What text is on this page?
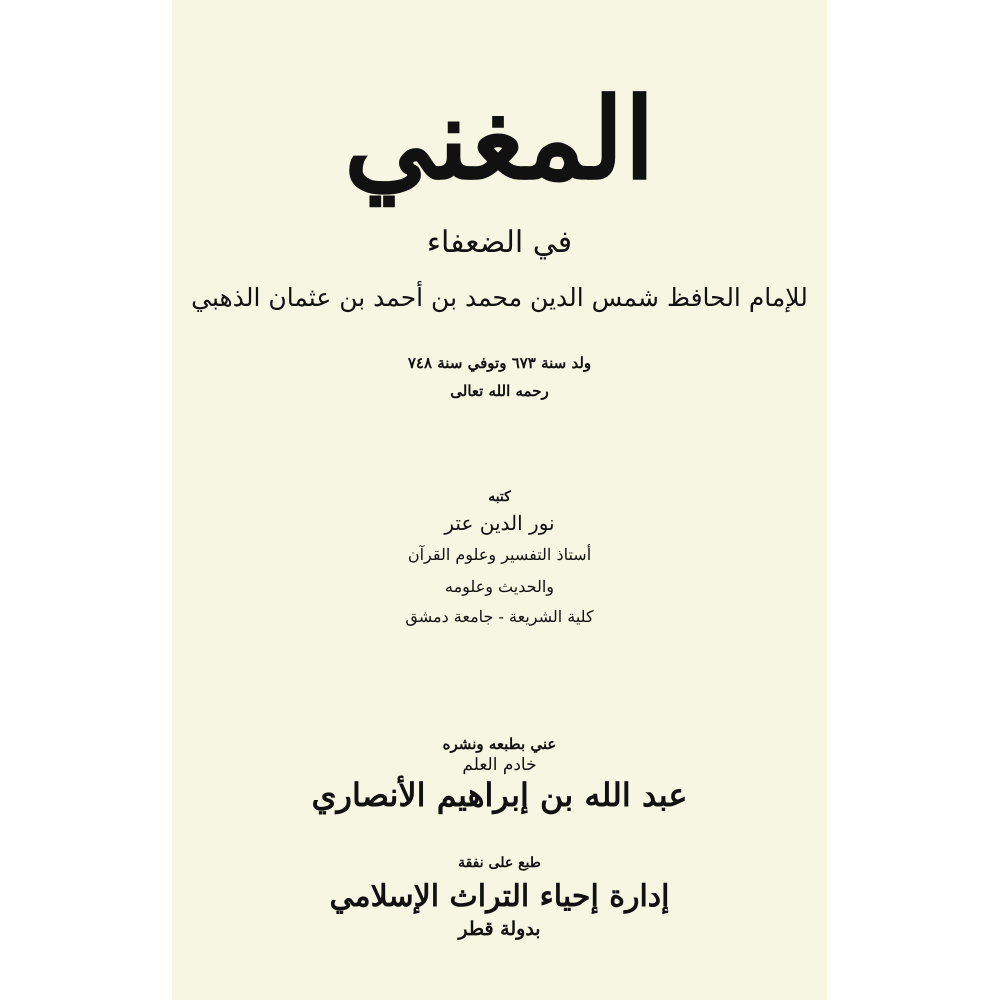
المغني
في الضعفاء
للإمام الحافظ شمس الدين محمد بن أحمد بن عثمان الذهبي
ولد سنة ٦٧٣ وتوفي سنة ٧٤٨
رحمه الله تعالى
كتبه
نور الدين عتر
أستاذ التفسير وعلوم القرآن
والحديث وعلومه
كلية الشريعة - جامعة دمشق
عني بطبعه ونشره
خادم العلم
عبد الله بن إبراهيم الأنصاري
طبع على نفقة
إدارة إحياء التراث الإسلامي
بدولة قطر
